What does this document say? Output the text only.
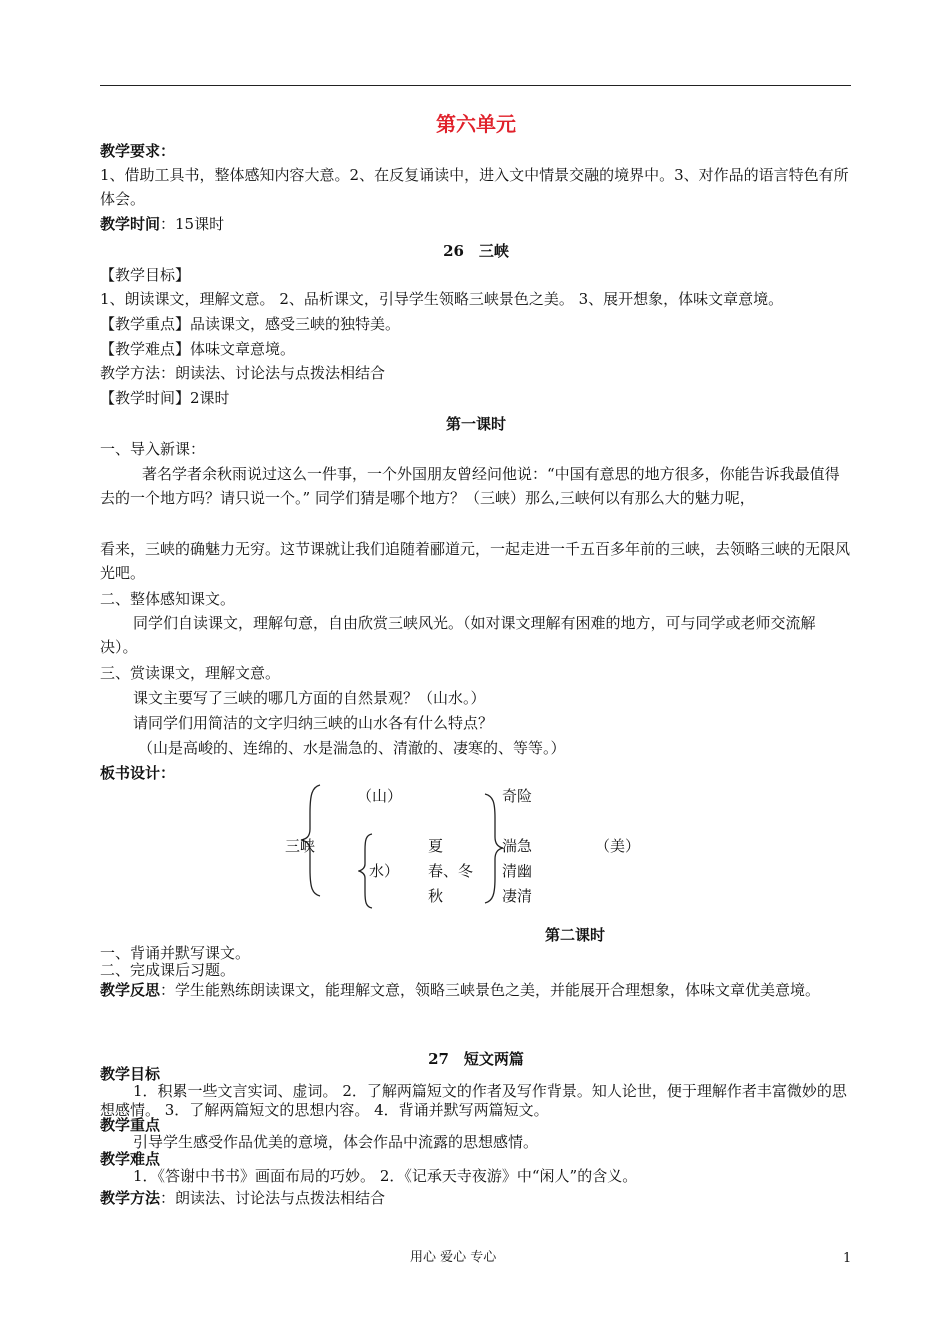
第六单元
教学要求：
1、借助工具书，整体感知内容大意。2、在反复诵读中，进入文中情景交融的境界中。3、对作品的语言特色有所体会。
教学时间：15课时
26　三峡
【教学目标】
1、朗读课文，理解文意。 2、品析课文，引导学生领略三峡景色之美。 3、展开想象，体味文章意境。
【教学重点】品读课文，感受三峡的独特美。
【教学难点】体味文章意境。
教学方法：朗读法、讨论法与点拨法相结合
【教学时间】2课时
第一课时
一、导入新课：
著名学者余秋雨说过这么一件事，一个外国朋友曾经问他说：“中国有意思的地方很多，你能告诉我最值得去的一个地方吗？请只说一个。” 同学们猜是哪个地方？（三峡）那么,三峡何以有那么大的魅力呢，
看来，三峡的确魅力无穷。这节课就让我们追随着郦道元，一起走进一千五百多年前的三峡，去领略三峡的无限风光吧。
二、整体感知课文。
同学们自读课文，理解句意，自由欣赏三峡风光。（如对课文理解有困难的地方，可与同学或老师交流解决）。
三、赏读课文，理解文意。
课文主要写了三峡的哪几方面的自然景观？（山水。）
请同学们用简洁的文字归纳三峡的山水各有什么特点？
（山是高峻的、连绵的、水是湍急的、清澈的、凄寒的、等等。）
板书设计：
（山）	奇险
三峡	夏	湍急	（美）
水） 春、冬 清幽
秋	凄清
第二课时
一、背诵并默写课文。
二、完成课后习题。
教学反思：学生能熟练朗读课文，能理解文意，领略三峡景色之美，并能展开合理想象，体味文章优美意境。
27　短文两篇
教学目标
1．积累一些文言实词、虚词。 2．了解两篇短文的作者及写作背景。知人论世，便于理解作者丰富微妙的思想感情。 3．了解两篇短文的思想内容。 4．背诵并默写两篇短文。
教学重点
引导学生感受作品优美的意境，体会作品中流露的思想感情。
教学难点
1．《答谢中书书》画面布局的巧妙。 2．《记承天寺夜游》中“闲人”的含义。
教学方法：朗读法、讨论法与点拨法相结合
用心 爱心 专心	1
